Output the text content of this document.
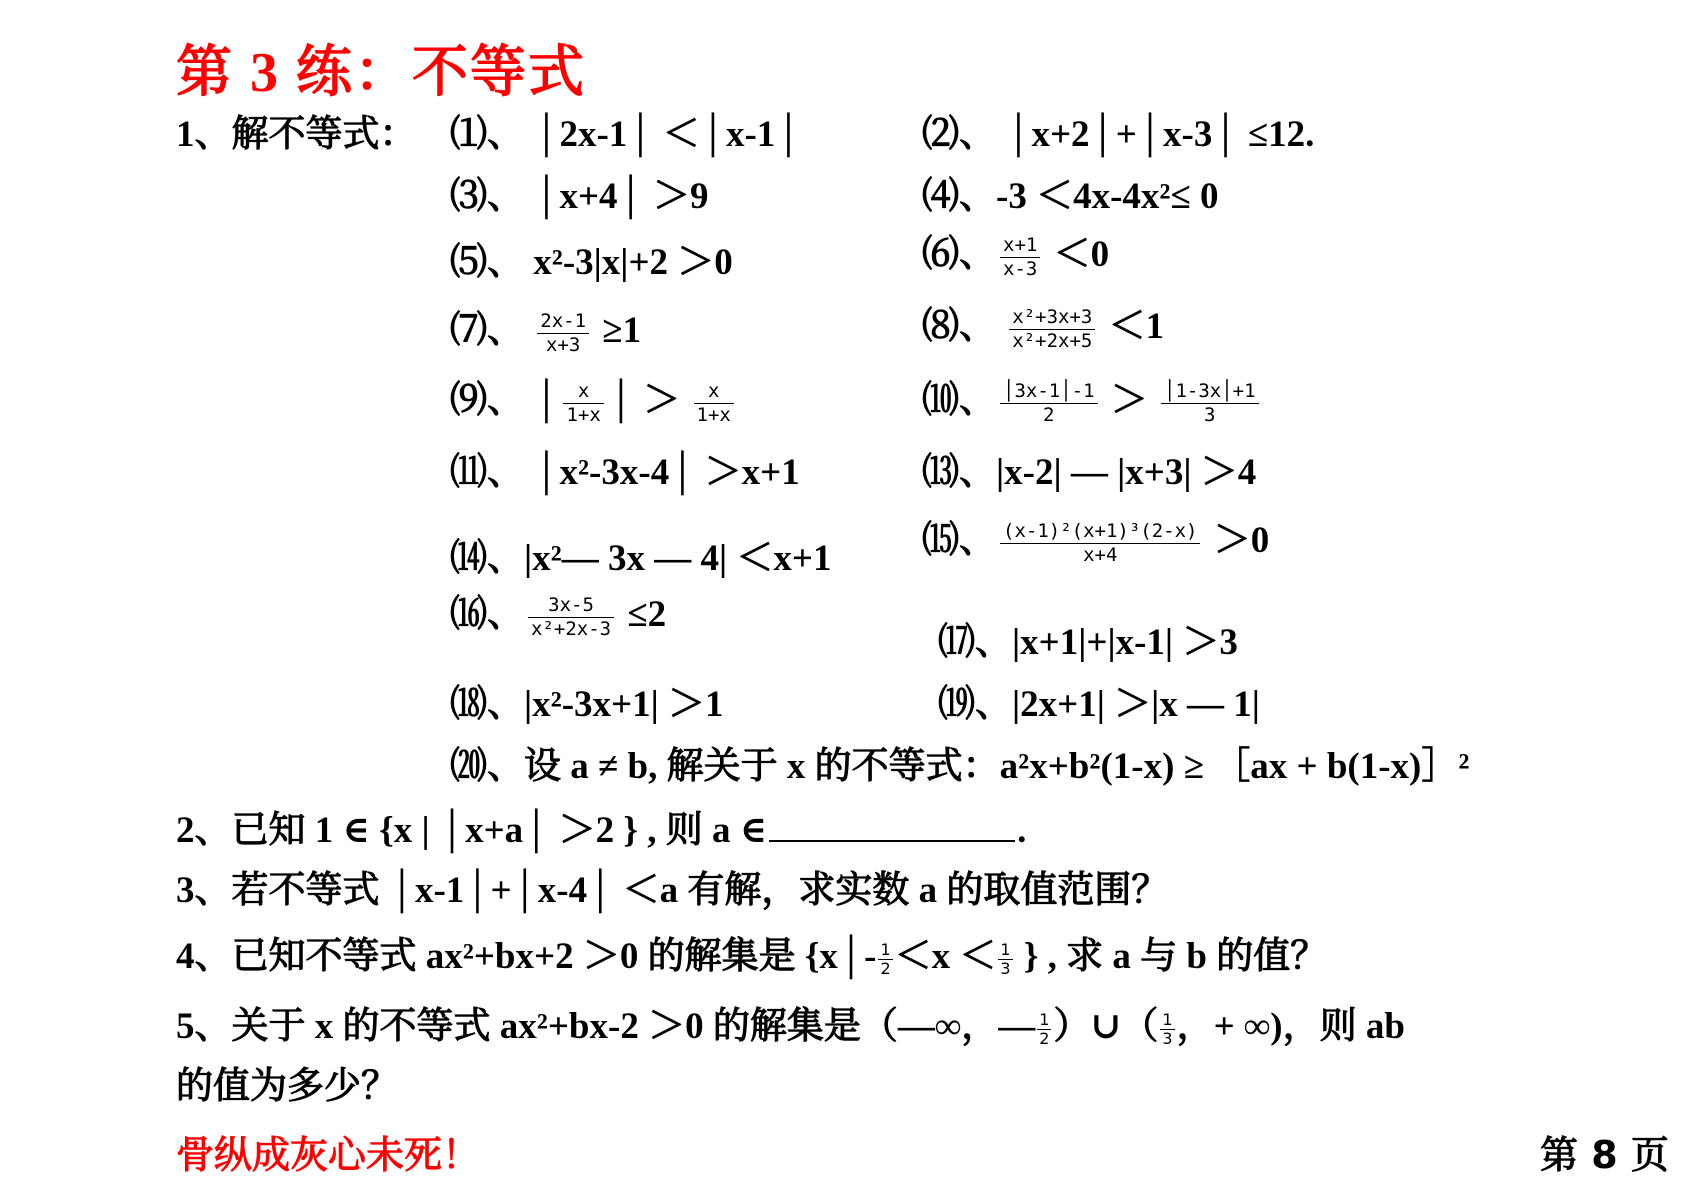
第 3 练：不等式
1、解不等式： ⑴、 │2x-1│ ＜│x-1│	⑵、 │x+2│+│x-3│ ≤12.
⑶、 │x+4│ ＞9	⑷、-3 ＜4x-4x²≤ 0
⑸、 x²-3|x|+2 ＞0	⑹、 $\frac{x+1}{x-3} <0$
⑺、 $\frac{2x-1}{x+3} \ge 1$	⑻、 $\frac{\text{x²+3x+3}}{\text{x²+2x+5}} <1$
⑼、 │ $\frac{x}{1+x}$ │ ＞ $\frac{x}{1+x}$	⑽、 $\frac{│3x-1│-1}{2} > \frac{│1-3x│+1}{3}$
⑾、 │x²-3x-4│ ＞x+1	⒀、|x-2| — |x+3| ＞4
⒁、|x²— 3x — 4| ＜x+1 ⒂、 $\frac{\text{(x-1)²(x+1)³(2-x)}}{x+4} >0$
⒃、 $\frac{3x-5}{\text{x²+2x-3}} \le 2$
⒄、|x+1|+|x-1| ＞3
⒅、|x²-3x+1| ＞1	⒆、|2x+1| ＞|x — 1|
⒇、设 a ≠ b, 解关于 x 的不等式：a²x+b²(1-x) ≥ ［ax + b(1-x)］²
2、已知 1 ∈ {x | │x+a│ ＞2 } , 则 a ∈	.
3、若不等式 │x-1│+│x-4│ ＜a 有解，求实数 a 的取值范围？
4、已知不等式 ax²+bx+2 ＞0 的解集是 {x│- $\frac{1}{2} <x < \frac{1}{3}$ } , 求 a 与 b 的值？
5、关于 x 的不等式 ax²+bx-2 ＞0 的解集是（—∞，— $\frac{1}{2}$ ）∪（ $\frac{1}{3}$ ，+ ∞)，则 ab
的值为多少？
骨纵成灰心未死！	第 8 页
